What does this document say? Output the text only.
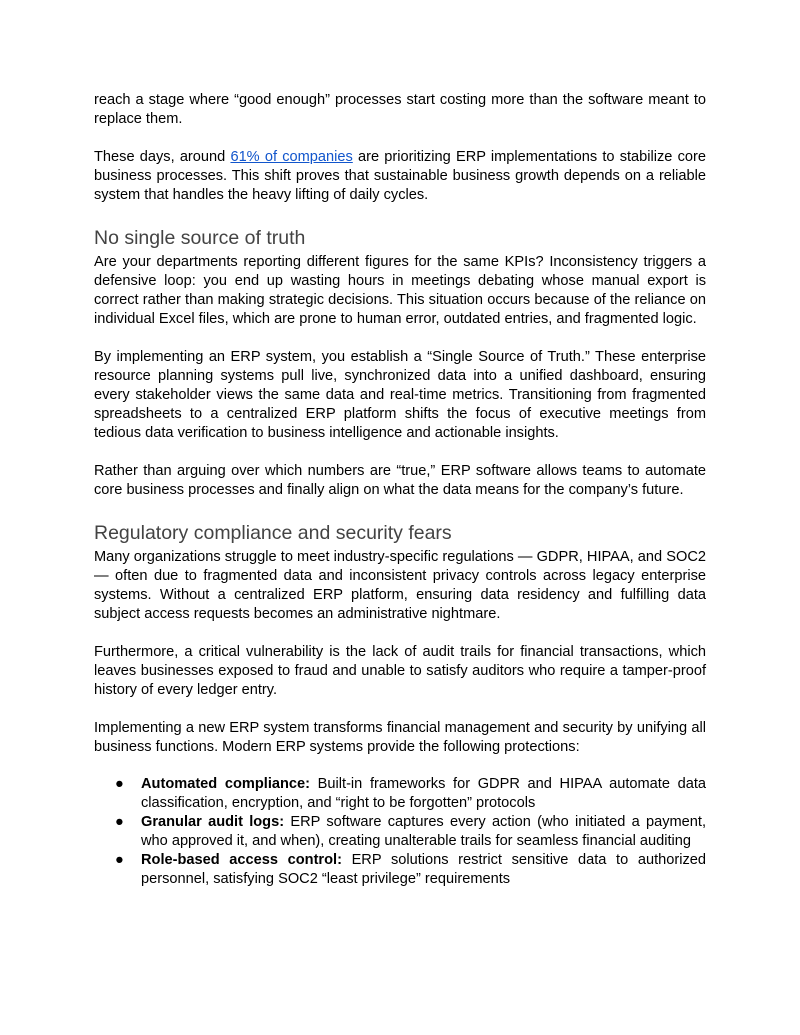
reach a stage where “good enough” processes start costing more than the software meant to replace them.

These days, around 61% of companies are prioritizing ERP implementations to stabilize core business processes. This shift proves that sustainable business growth depends on a reliable system that handles the heavy lifting of daily cycles.

No single source of truth

Are your departments reporting different figures for the same KPIs? Inconsistency triggers a defensive loop: you end up wasting hours in meetings debating whose manual export is correct rather than making strategic decisions. This situation occurs because of the reliance on individual Excel files, which are prone to human error, outdated entries, and fragmented logic.

By implementing an ERP system, you establish a “Single Source of Truth.” These enterprise resource planning systems pull live, synchronized data into a unified dashboard, ensuring every stakeholder views the same data and real-time metrics. Transitioning from fragmented spreadsheets to a centralized ERP platform shifts the focus of executive meetings from tedious data verification to business intelligence and actionable insights.

Rather than arguing over which numbers are “true,” ERP software allows teams to automate core business processes and finally align on what the data means for the company’s future.

Regulatory compliance and security fears

Many organizations struggle to meet industry-specific regulations — GDPR, HIPAA, and SOC2 — often due to fragmented data and inconsistent privacy controls across legacy enterprise systems. Without a centralized ERP platform, ensuring data residency and fulfilling data subject access requests becomes an administrative nightmare.

Furthermore, a critical vulnerability is the lack of audit trails for financial transactions, which leaves businesses exposed to fraud and unable to satisfy auditors who require a tamper-proof history of every ledger entry.

Implementing a new ERP system transforms financial management and security by unifying all business functions. Modern ERP systems provide the following protections:

● Automated compliance: Built-in frameworks for GDPR and HIPAA automate data classification, encryption, and “right to be forgotten” protocols
● Granular audit logs: ERP software captures every action (who initiated a payment, who approved it, and when), creating unalterable trails for seamless financial auditing
● Role-based access control: ERP solutions restrict sensitive data to authorized personnel, satisfying SOC2 “least privilege” requirements
